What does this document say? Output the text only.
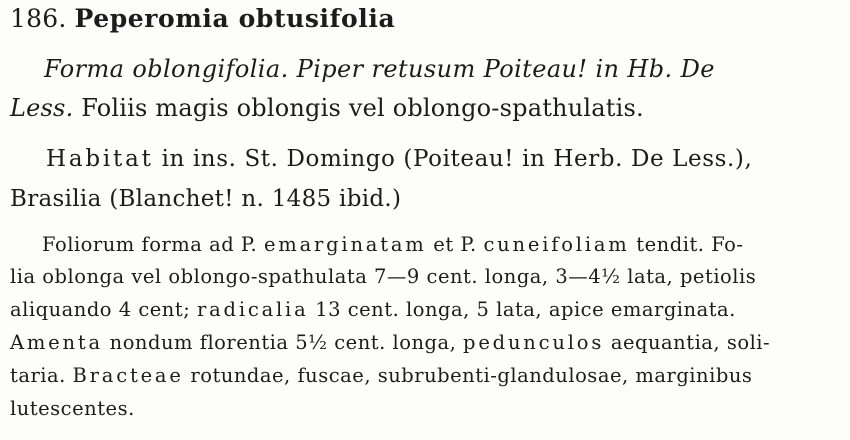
186. Peperomia obtusifolia
Forma oblongifolia. Piper retusum Poiteau! in Hb. De
Less. Foliis magis oblongis vel oblongo-spathulatis.
Habitat in ins. St. Domingo (Poiteau! in Herb. De Less.),
Brasilia (Blanchet! n. 1485 ibid.)
Foliorum forma ad P. emarginatam et P. cuneifoliam tendit. Fo-
lia oblonga vel oblongo-spathulata 7—9 cent. longa, 3—4½ lata, petiolis
aliquando 4 cent; radicalia 13 cent. longa, 5 lata, apice emarginata.
Amenta nondum florentia 5½ cent. longa, pedunculos aequantia, soli-
taria. Bracteae rotundae, fuscae, subrubenti-glandulosae, marginibus
lutescentes.
